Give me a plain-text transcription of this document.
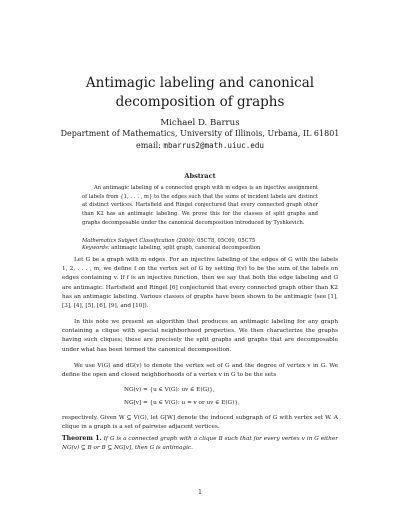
Antimagic labeling and canonical decomposition of graphs
Michael D. Barrus
Department of Mathematics, University of Illinois, Urbana, IL 61801
email: mbarrus2@math.uiuc.edu
Abstract
An antimagic labeling of a connected graph with m edges is an injective assignment of labels from {1, . . . , m} to the edges such that the sums of incident labels are distinct at distinct vertices. Hartsfield and Ringel conjectured that every connected graph other than K2 has an antimagic labeling. We prove this for the classes of split graphs and graphs decomposable under the canonical decomposition introduced by Tyshkevich.
Mathematics Subject Classification (2000): 05C78, 05C69, 05C75
Keywords: antimagic labeling, split graph, canonical decomposition
Let G be a graph with m edges. For an injective labeling of the edges of G with the labels 1, 2, . . . , m, we define f on the vertex set of G by setting f(v) to be the sum of the labels on edges containing v. If f is an injective function, then we say that both the edge labeling and G are antimagic. Hartsfield and Ringel [6] conjectured that every connected graph other than K2 has an antimagic labeling. Various classes of graphs have been shown to be antimagic (see [1], [3], [4], [5], [6], [9], and [10]).
In this note we present an algorithm that produces an antimagic labeling for any graph containing a clique with special neighborhood properties. We then characterize the graphs having such cliques; these are precisely the split graphs and graphs that are decomposable under what has been termed the canonical decomposition.
We use V(G) and dG(v) to denote the vertex set of G and the degree of vertex v in G. We define the open and closed neighborhoods of a vertex v in G to be the sets
NG(v) = {u ∈ V(G): uv ∈ E(G)},
NG[v] = {u ∈ V(G): u = v or uv ∈ E(G)},
respectively. Given W ⊆ V(G), let G[W] denote the induced subgraph of G with vertex set W. A clique in a graph is a set of pairwise adjacent vertices.
Theorem 1. If G is a connected graph with a clique B such that for every vertex v in G either NG(v) ⊆ B or B ⊆ NG[v], then G is antimagic.
1
